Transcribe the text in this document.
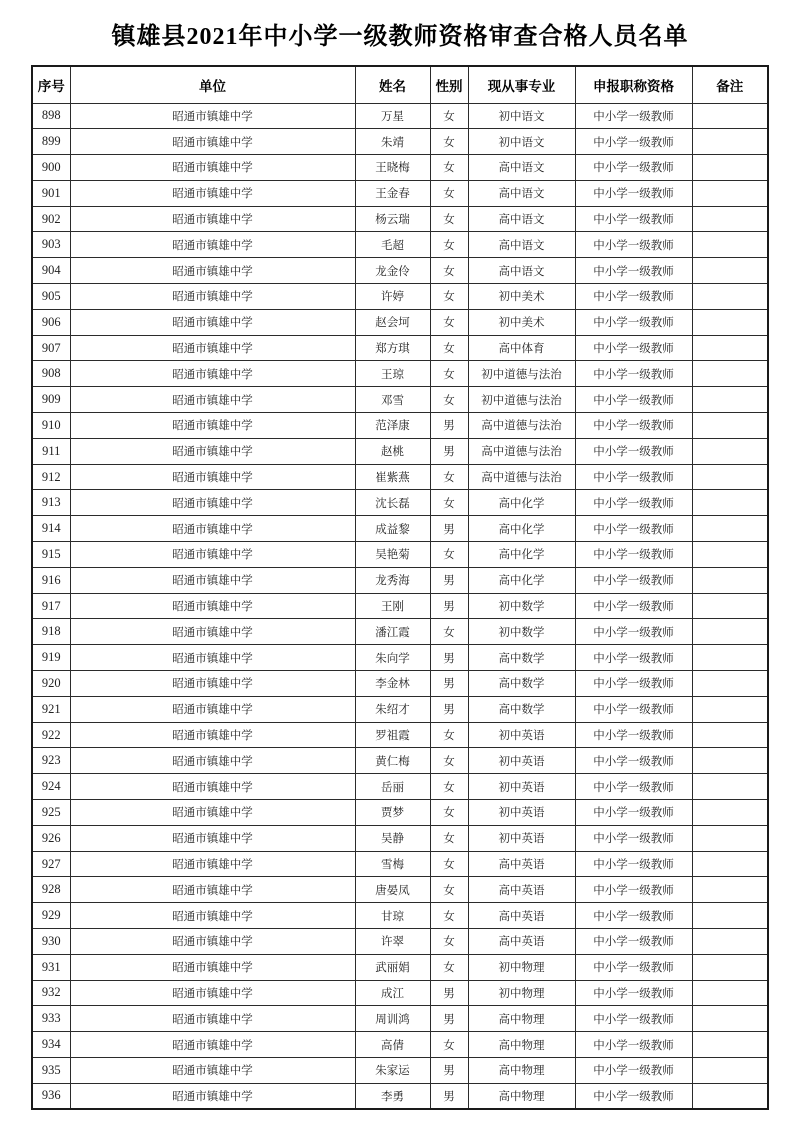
镇雄县2021年中小学一级教师资格审查合格人员名单
序号	单位	姓名	性别	现从事专业	申报职称资格	备注
898	昭通市镇雄中学	万星	女	初中语文	中小学一级教师	
899	昭通市镇雄中学	朱靖	女	初中语文	中小学一级教师	
900	昭通市镇雄中学	王晓梅	女	高中语文	中小学一级教师	
901	昭通市镇雄中学	王金春	女	高中语文	中小学一级教师	
902	昭通市镇雄中学	杨云瑞	女	高中语文	中小学一级教师	
903	昭通市镇雄中学	毛超	女	高中语文	中小学一级教师	
904	昭通市镇雄中学	龙金伶	女	高中语文	中小学一级教师	
905	昭通市镇雄中学	许婷	女	初中美术	中小学一级教师	
906	昭通市镇雄中学	赵会坷	女	初中美术	中小学一级教师	
907	昭通市镇雄中学	郑方琪	女	高中体育	中小学一级教师	
908	昭通市镇雄中学	王琼	女	初中道德与法治	中小学一级教师	
909	昭通市镇雄中学	邓雪	女	初中道德与法治	中小学一级教师	
910	昭通市镇雄中学	范泽康	男	高中道德与法治	中小学一级教师	
911	昭通市镇雄中学	赵桃	男	高中道德与法治	中小学一级教师	
912	昭通市镇雄中学	崔紫燕	女	高中道德与法治	中小学一级教师	
913	昭通市镇雄中学	沈长磊	女	高中化学	中小学一级教师	
914	昭通市镇雄中学	成益黎	男	高中化学	中小学一级教师	
915	昭通市镇雄中学	吴艳菊	女	高中化学	中小学一级教师	
916	昭通市镇雄中学	龙秀海	男	高中化学	中小学一级教师	
917	昭通市镇雄中学	王刚	男	初中数学	中小学一级教师	
918	昭通市镇雄中学	潘江霞	女	初中数学	中小学一级教师	
919	昭通市镇雄中学	朱向学	男	高中数学	中小学一级教师	
920	昭通市镇雄中学	李金林	男	高中数学	中小学一级教师	
921	昭通市镇雄中学	朱绍才	男	高中数学	中小学一级教师	
922	昭通市镇雄中学	罗祖霞	女	初中英语	中小学一级教师	
923	昭通市镇雄中学	黄仁梅	女	初中英语	中小学一级教师	
924	昭通市镇雄中学	岳丽	女	初中英语	中小学一级教师	
925	昭通市镇雄中学	贾梦	女	初中英语	中小学一级教师	
926	昭通市镇雄中学	吴静	女	初中英语	中小学一级教师	
927	昭通市镇雄中学	雪梅	女	高中英语	中小学一级教师	
928	昭通市镇雄中学	唐晏凤	女	高中英语	中小学一级教师	
929	昭通市镇雄中学	甘琼	女	高中英语	中小学一级教师	
930	昭通市镇雄中学	许翠	女	高中英语	中小学一级教师	
931	昭通市镇雄中学	武丽娟	女	初中物理	中小学一级教师	
932	昭通市镇雄中学	成江	男	初中物理	中小学一级教师	
933	昭通市镇雄中学	周训鸿	男	高中物理	中小学一级教师	
934	昭通市镇雄中学	高倩	女	高中物理	中小学一级教师	
935	昭通市镇雄中学	朱家运	男	高中物理	中小学一级教师	
936	昭通市镇雄中学	李勇	男	高中物理	中小学一级教师	
